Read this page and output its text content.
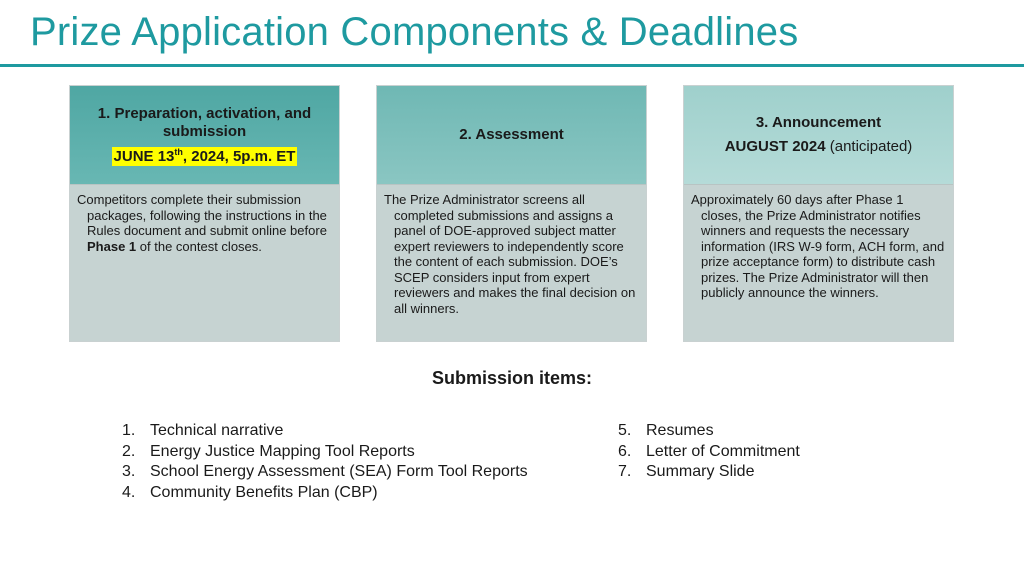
Prize Application Components & Deadlines
1. Preparation, activation, and submission
JUNE 13th, 2024, 5p.m. ET

Competitors complete their submission packages, following the instructions in the Rules document and submit online before Phase 1 of the contest closes.

2. Assessment

The Prize Administrator screens all completed submissions and assigns a panel of DOE-approved subject matter expert reviewers to independently score the content of each submission. DOE’s SCEP considers input from expert reviewers and makes the final decision on all winners.

3. Announcement
AUGUST 2024 (anticipated)

Approximately 60 days after Phase 1 closes, the Prize Administrator notifies winners and requests the necessary information (IRS W-9 form, ACH form, and prize acceptance form) to distribute cash prizes. The Prize Administrator will then publicly announce the winners.

Submission items:
1. Technical narrative
2. Energy Justice Mapping Tool Reports
3. School Energy Assessment (SEA) Form Tool Reports
4. Community Benefits Plan (CBP)
5. Resumes
6. Letter of Commitment
7. Summary Slide
